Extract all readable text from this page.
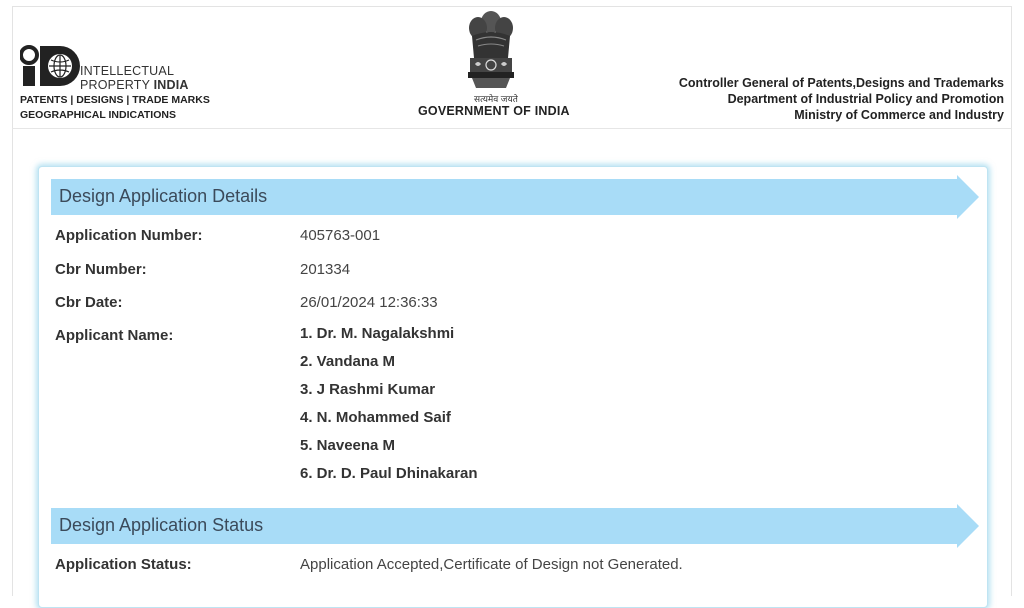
INTELLECTUAL
PROPERTY INDIA
PATENTS | DESIGNS | TRADE MARKS
GEOGRAPHICAL INDICATIONS
सत्यमेव जयते
GOVERNMENT OF INDIA
Controller General of Patents,Designs and Trademarks
Department of Industrial Policy and Promotion
Ministry of Commerce and Industry
Design Application Details
Application Number:	405763-001
Cbr Number:	201334
Cbr Date:	26/01/2024 12:36:33
Applicant Name:	1. Dr. M. Nagalakshmi
2. Vandana M
3. J Rashmi Kumar
4. N. Mohammed Saif
5. Naveena M
6. Dr. D. Paul Dhinakaran
Design Application Status
Application Status:	Application Accepted,Certificate of Design not Generated.
